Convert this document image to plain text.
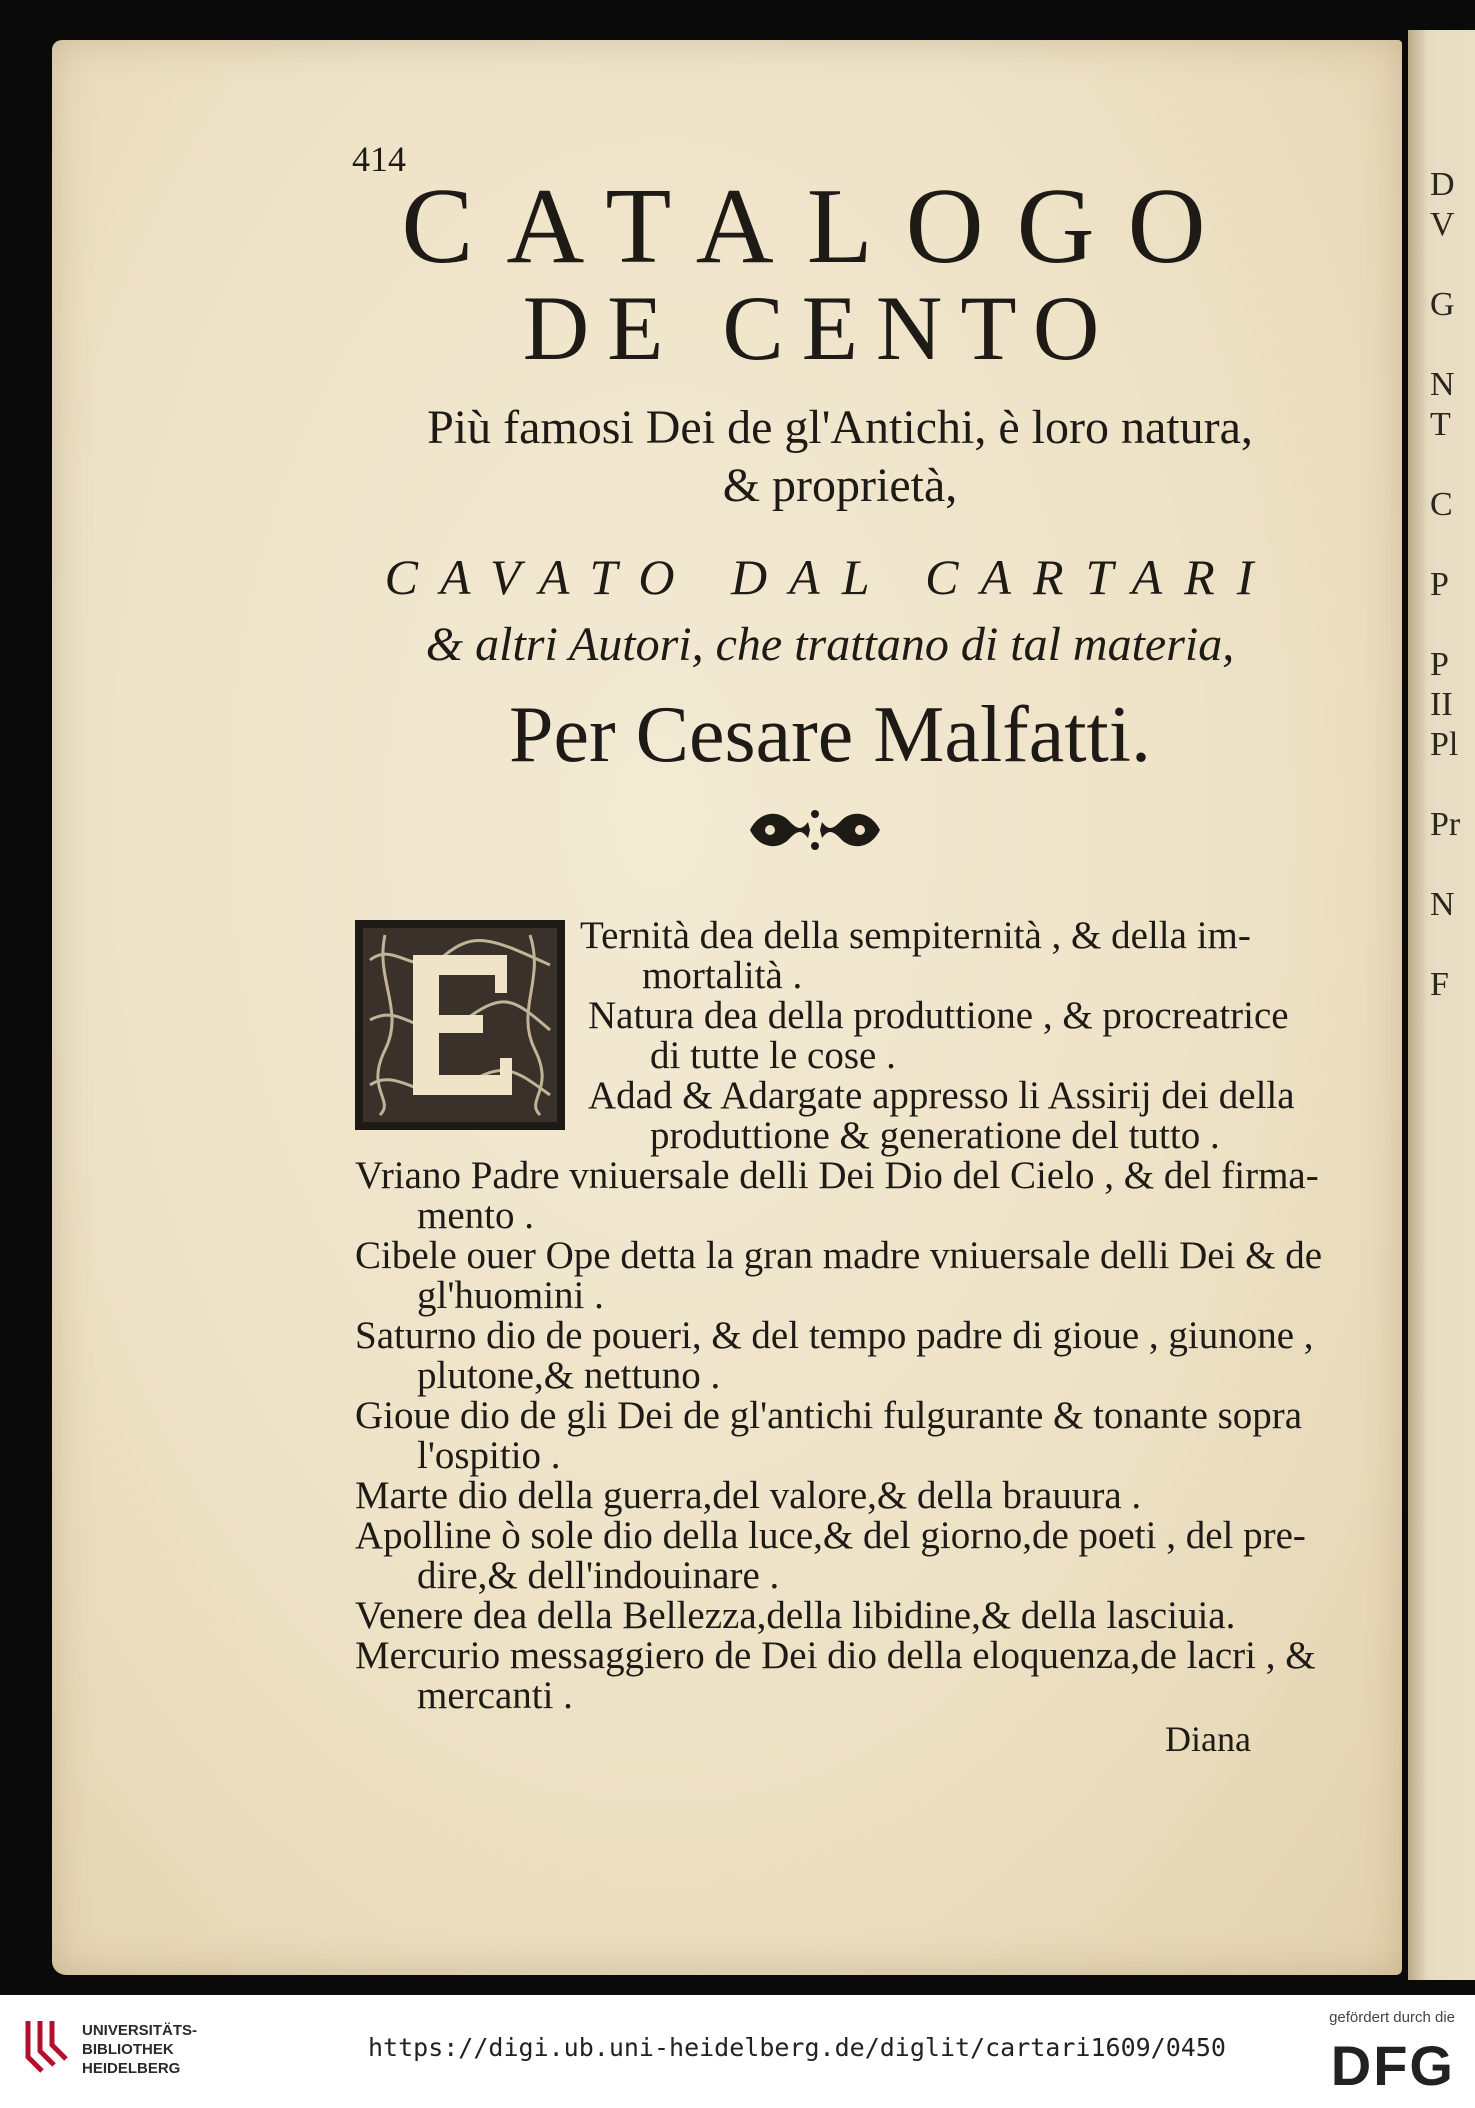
D
V
G
N
T
C
P
P
II
Pl
Pr
N
F
414
CATALOGO
DE CENTO
Più famosi Dei de gl'Antichi, è loro natura,
& proprietà,
CAVATO DAL CARTARI
& altri Autori, che trattano di tal materia,
Per Cesare Malfatti.
Ternità dea della sempiternità , & della im-
mortalità .
Natura dea della produttione , & procreatrice
di tutte le cose .
Adad & Adargate appresso li Assirij dei della
produttione & generatione del tutto .
Vriano Padre vniuersale delli Dei Dio del Cielo , & del firma-
mento .
Cibele ouer Ope detta la gran madre vniuersale delli Dei & de
gl'huomini .
Saturno dio de poueri, & del tempo padre di gioue , giunone ,
plutone,& nettuno .
Gioue dio de gli Dei de gl'antichi fulgurante & tonante sopra
l'ospitio .
Marte dio della guerra,del valore,& della brauura .
Apolline ò sole dio della luce,& del giorno,de poeti , del pre-
dire,& dell'indouinare .
Venere dea della Bellezza,della libidine,& della lasciuia.
Mercurio messaggiero de Dei dio della eloquenza,de lacri , &
mercanti .
Diana
UNIVERSITÄTS-
BIBLIOTHEK
HEIDELBERG
https://digi.ub.uni-heidelberg.de/diglit/cartari1609/0450
gefördert durch die
DFG
